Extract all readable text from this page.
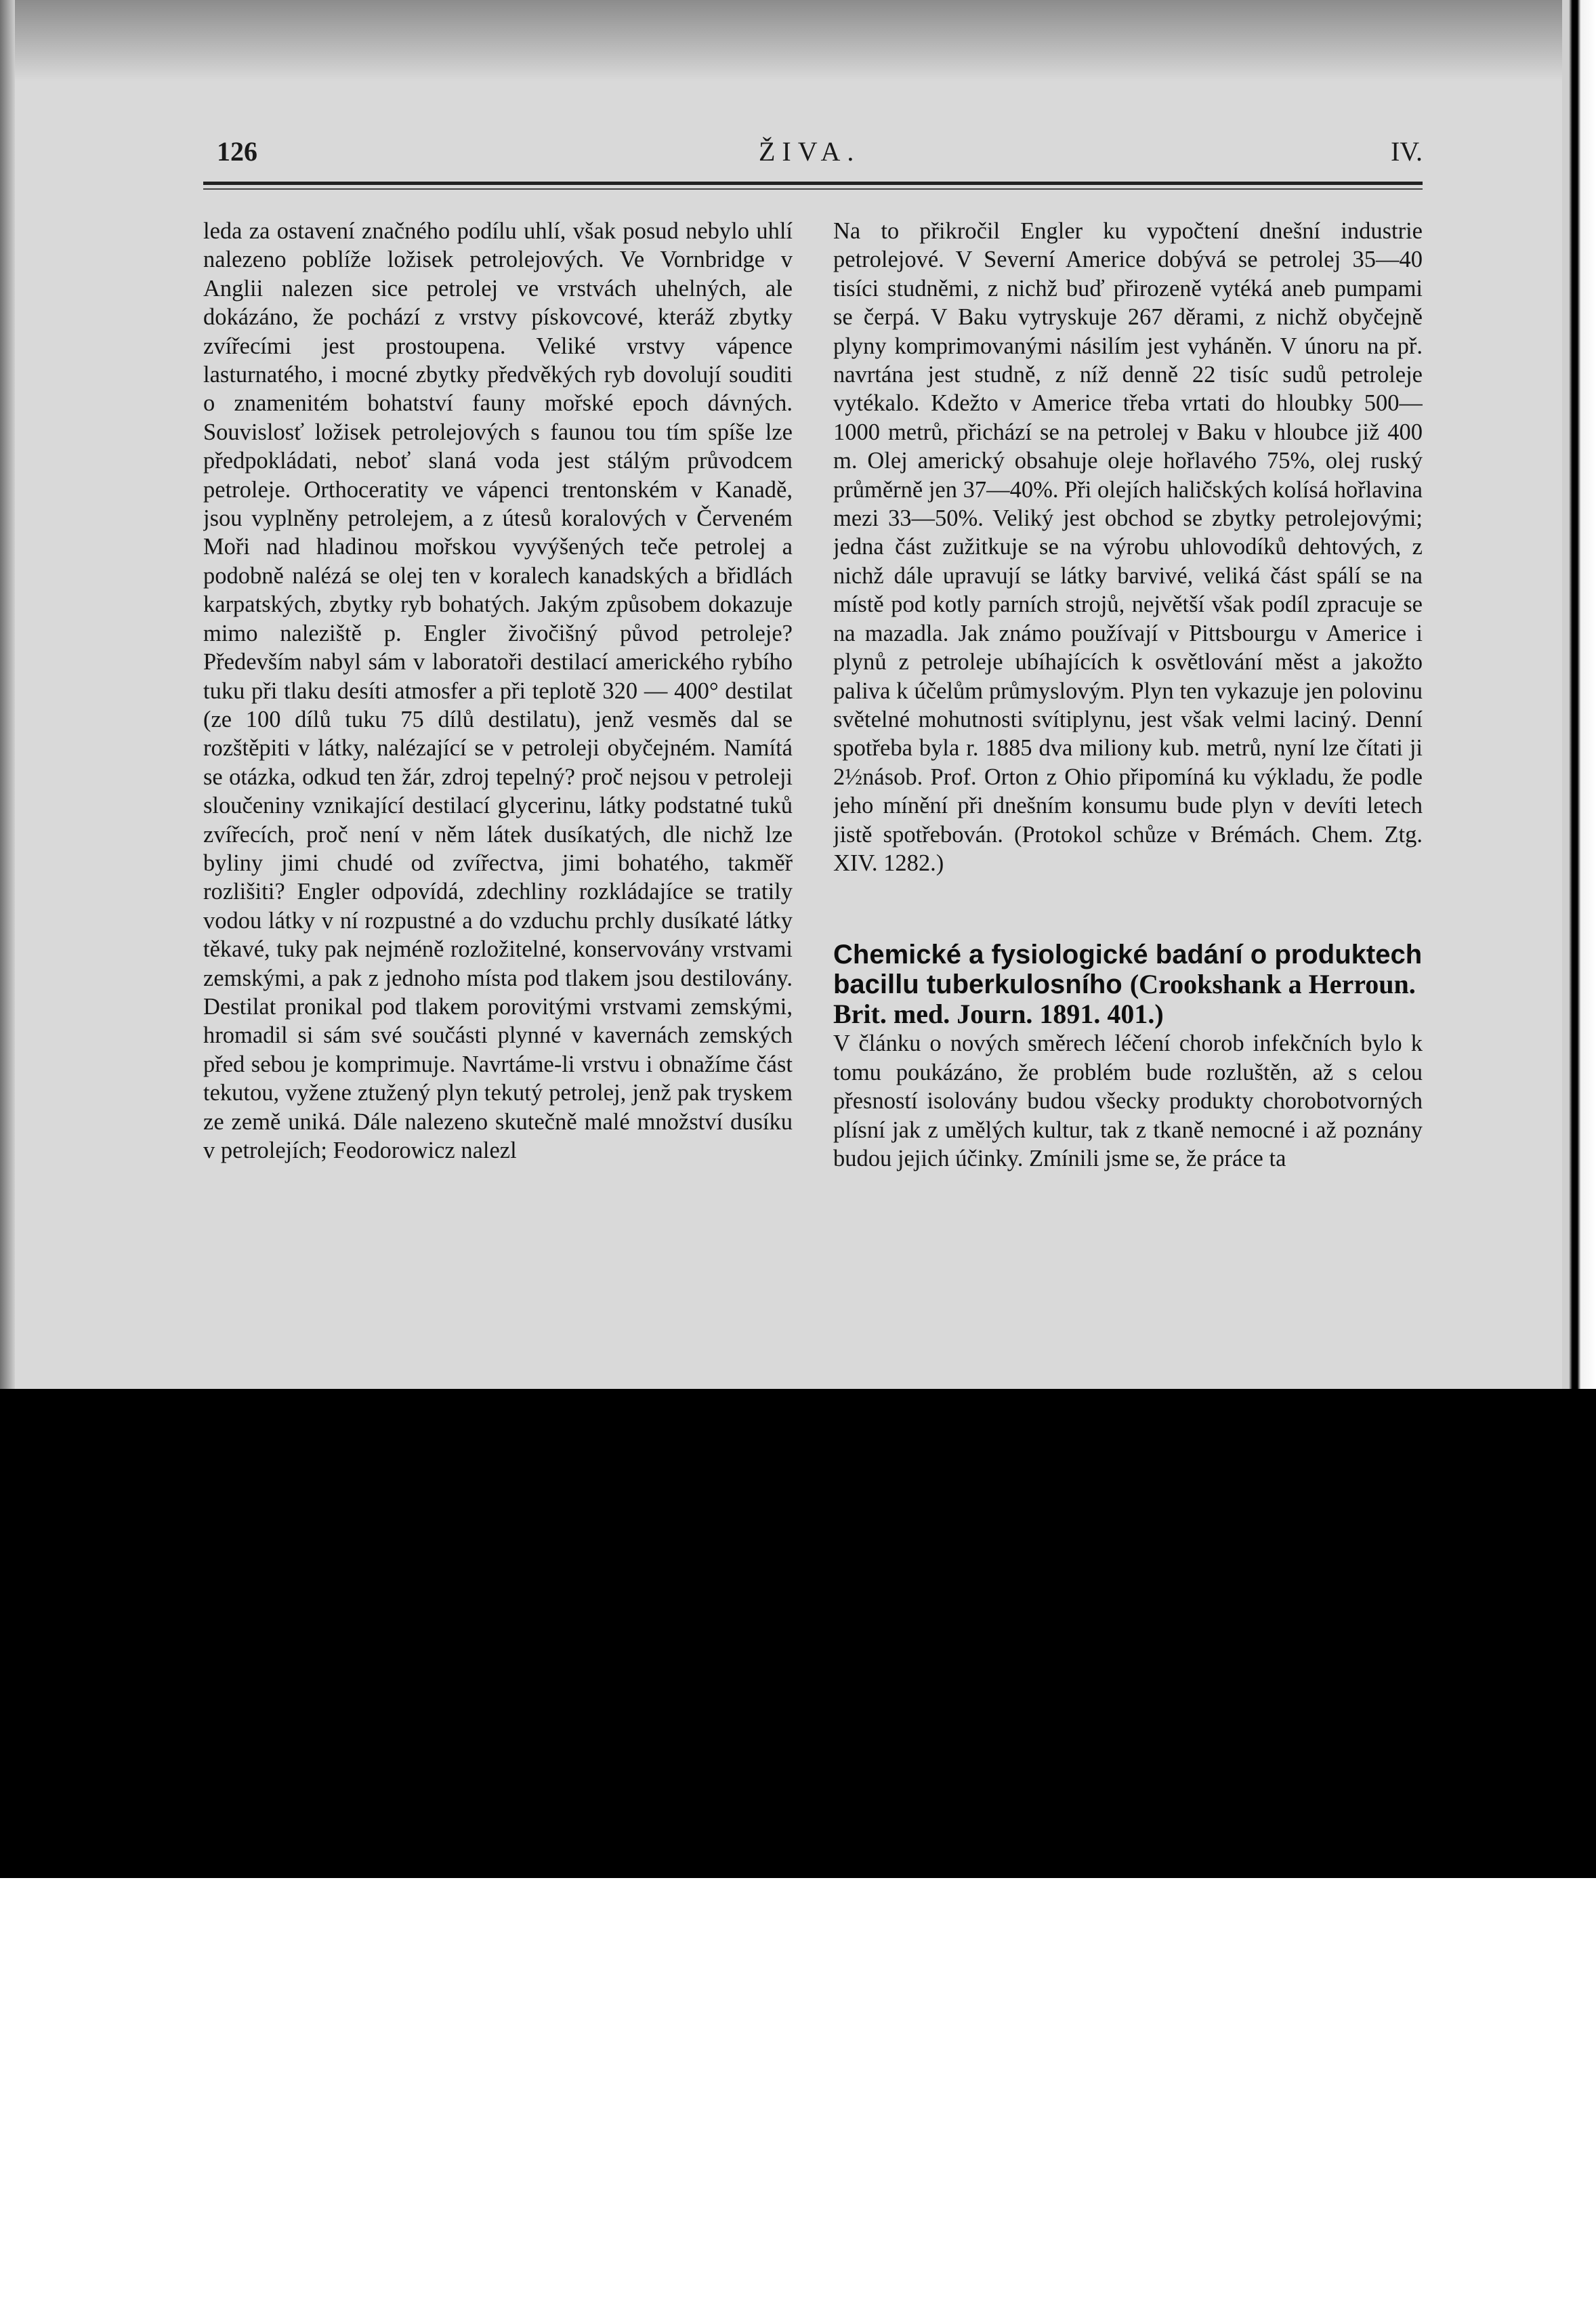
126	ŽIVA.	IV.
leda za ostavení značného podílu uhlí, však posud nebylo uhlí nalezeno poblíže ložisek petrolejových. Ve Vornbridge v Anglii nalezen sice petrolej ve vrstvách uhelných, ale dokázáno, že pochází z vrstvy pískovcové, kteráž zbytky zvířecími jest prostoupena. Veliké vrstvy vápence lasturnatého, i mocné zbytky předvěkých ryb dovolují souditi o znamenitém bohatství fauny mořské epoch dávných. Souvislosť ložisek petrolejových s faunou tou tím spíše lze předpokládati, neboť slaná voda jest stálým průvodcem petroleje. Orthoceratity ve vápenci trentonském v Kanadě, jsou vyplněny petrolejem, a z útesů koralových v Červeném Moři nad hladinou mořskou vyvýšených teče petrolej a podobně nalézá se olej ten v koralech kanadských a břidlách karpatských, zbytky ryb bohatých. Jakým způsobem dokazuje mimo naleziště p. Engler živočišný původ petroleje? Především nabyl sám v laboratoři destilací amerického rybího tuku při tlaku desíti atmosfer a při teplotě 320 — 400° destilat (ze 100 dílů tuku 75 dílů destilatu), jenž vesměs dal se rozštěpiti v látky, nalézající se v petroleji obyčejném. Namítá se otázka, odkud ten žár, zdroj tepelný? proč nejsou v petroleji sloučeniny vznikající destilací glycerinu, látky podstatné tuků zvířecích, proč není v něm látek dusíkatých, dle nichž lze byliny jimi chudé od zvířectva, jimi bohatého, takměř rozlišiti? Engler odpovídá, zdechliny rozkládajíce se tratily vodou látky v ní rozpustné a do vzduchu prchly dusíkaté látky těkavé, tuky pak nejméně rozložitelné, konservovány vrstvami zemskými, a pak z jednoho místa pod tlakem jsou destilovány. Destilat pronikal pod tlakem porovitými vrstvami zemskými, hromadil si sám své součásti plynné v kavernách zemských před sebou je komprimuje. Navrtáme-li vrstvu i obnažíme část tekutou, vyžene ztužený plyn tekutý petrolej, jenž pak tryskem ze země uniká. Dále nalezeno skutečně malé množství dusíku v petrolejích; Feodorowicz nalezl

Na to přikročil Engler ku vypočtení dnešní industrie petrolejové. V Severní Americe dobývá se petrolej 35—40 tisíci studněmi, z nichž buď přirozeně vytéká aneb pumpami se čerpá. V Baku vytryskuje 267 děrami, z nichž obyčejně plyny komprimovanými násilím jest vyháněn. V únoru na př. navrtána jest studně, z níž denně 22 tisíc sudů petroleje vytékalo. Kdežto v Americe třeba vrtati do hloubky 500—1000 metrů, přichází se na petrolej v Baku v hloubce již 400 m. Olej americký obsahuje oleje hořlavého 75%, olej ruský průměrně jen 37—40%. Při olejích haličských kolísá hořlavina mezi 33—50%. Veliký jest obchod se zbytky petrolejovými; jedna část zužitkuje se na výrobu uhlovodíků dehtových, z nichž dále upravují se látky barvivé, veliká část spálí se na místě pod kotly parních strojů, největší však podíl zpracuje se na mazadla. Jak známo používají v Pittsbourgu v Americe i plynů z petroleje ubíhajících k osvětlování měst a jakožto paliva k účelům průmyslovým. Plyn ten vykazuje jen polovinu světelné mohutnosti svítiplynu, jest však velmi laciný. Denní spotřeba byla r. 1885 dva miliony kub. metrů, nyní lze čítati ji 2½násob. Prof. Orton z Ohio připomíná ku výkladu, že podle jeho mínění při dnešním konsumu bude plyn v devíti letech jistě spotřebován. (Protokol schůze v Brémách. Chem. Ztg. XIV. 1282.)

Chemické a fysiologické badání o produktech bacillu tuberkulosního (Crookshank a Herroun. Brit. med. Journ. 1891. 401.)

V článku o nových směrech léčení chorob infekčních bylo k tomu poukázáno, že problém bude rozluštěn, až s celou přesností isolovány budou všecky produkty chorobotvorných plísní jak z umělých kultur, tak z tkaně nemocné i až poznány budou jejich účinky. Zmínili jsme se, že práce ta
